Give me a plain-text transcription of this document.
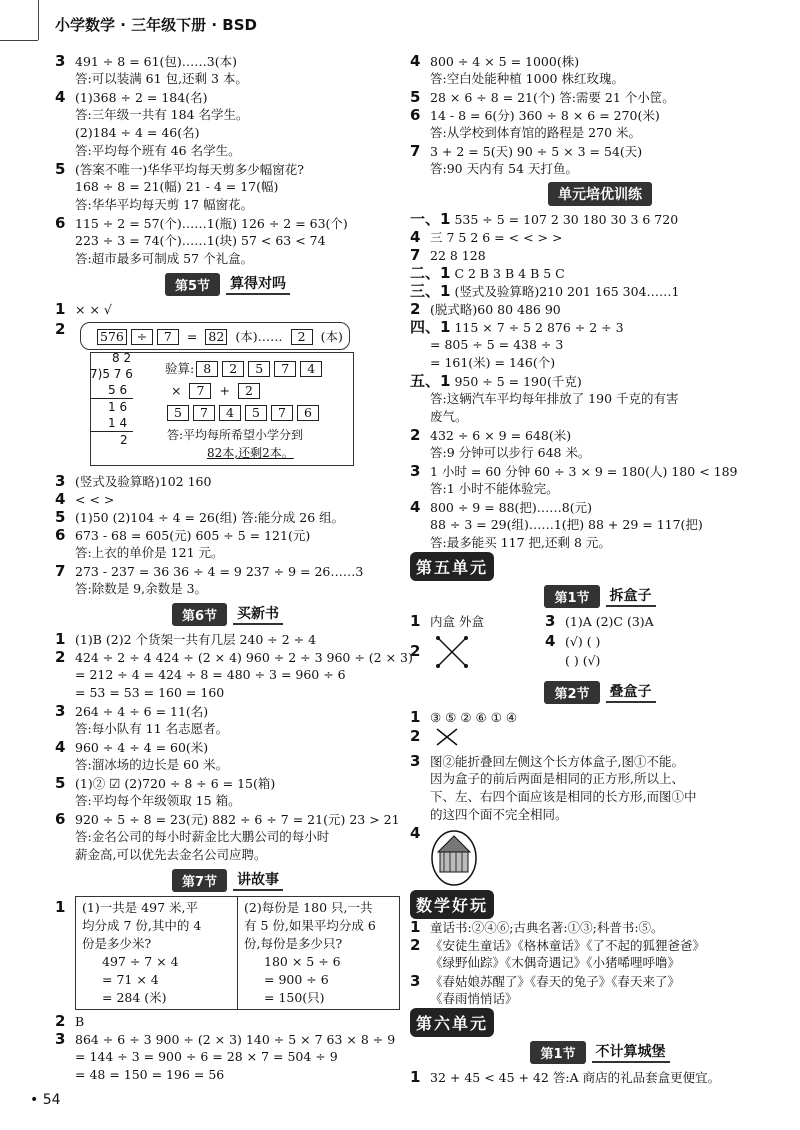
小学数学 · 三年级下册 · BSD
3 491 ÷ 8 = 61(包)……3(本)
答:可以装满 61 包,还剩 3 本。
4 (1)368 ÷ 2 = 184(名)
答:三年级一共有 184 名学生。
(2)184 ÷ 4 = 46(名)
答:平均每个班有 46 名学生。
5 (答案不唯一)华华平均每天剪多少幅窗花?
168 ÷ 8 = 21(幅) 21 - 4 = 17(幅)
答:华华平均每天剪 17 幅窗花。
6 115 ÷ 2 = 57(个)……1(瓶) 126 ÷ 2 = 63(个)
223 ÷ 3 = 74(个)……1(块) 57 < 63 < 74
答:超市最多可制成 57 个礼盒。
第5节	算得对吗
1 × × √
2	576 ÷ 7 = 82 (本)…… 2 (本)
8 2
7)5 7 6
5 6
1 6
1 4
2
验算: 8 2 5 7 4
× 7 + 2
5 7 4 5 7 6
答:平均每所希望小学分到
82本,还剩2本。
3 (竖式及验算略)102 160
4 < < >
5 (1)50 (2)104 ÷ 4 = 26(组) 答:能分成 26 组。
6 673 - 68 = 605(元) 605 ÷ 5 = 121(元)
答:上衣的单价是 121 元。
7 273 - 237 = 36 36 ÷ 4 = 9 237 ÷ 9 = 26……3
答:除数是 9,余数是 3。
第6节	买新书
1 (1)B (2)2 个货架一共有几层 240 ÷ 2 ÷ 4
2 424 ÷ 2 ÷ 4 424 ÷ (2 × 4) 960 ÷ 2 ÷ 3 960 ÷ (2 × 3)
= 212 ÷ 4 = 424 ÷ 8 = 480 ÷ 3 = 960 ÷ 6
= 53 = 53 = 160 = 160
3 264 ÷ 4 ÷ 6 = 11(名)
答:每小队有 11 名志愿者。
4 960 ÷ 4 ÷ 4 = 60(米)
答:溜冰场的边长是 60 米。
5 (1)② ☑ (2)720 ÷ 8 ÷ 6 = 15(箱)
答:平均每个年级领取 15 箱。
6 920 ÷ 5 ÷ 8 = 23(元) 882 ÷ 6 ÷ 7 = 21(元) 23 > 21
答:金名公司的每小时薪金比大鹏公司的每小时
薪金高,可以优先去金名公司应聘。
第7节	讲故事
1	(1)一共是 497 米,平
均分成 7 份,其中的 4
份是多少米?
497 ÷ 7 × 4
= 71 × 4
= 284 (米)
(2)每份是 180 只,一共
有 5 份,如果平均分成 6
份,每份是多少只?
180 × 5 ÷ 6
= 900 ÷ 6
= 150(只)
2 B
3 864 ÷ 6 ÷ 3 900 ÷ (2 × 3) 140 ÷ 5 × 7 63 × 8 ÷ 9
= 144 ÷ 3 = 900 ÷ 6 = 28 × 7 = 504 ÷ 9
= 48 = 150 = 196 = 56
4 800 ÷ 4 × 5 = 1000(株)
答:空白处能种植 1000 株红玫瑰。
5 28 × 6 ÷ 8 = 21(个) 答:需要 21 个小筐。
6 14 - 8 = 6(分) 360 ÷ 8 × 6 = 270(米)
答:从学校到体育馆的路程是 270 米。
7 3 + 2 = 5(天) 90 ÷ 5 × 3 = 54(天)
答:90 天内有 54 天打鱼。
单元培优训练
一、1 535 ÷ 5 = 107 2 30 180 30 3 6 720
4 三 7 5 2 6 = < < > >
7 22 8 128
二、1 C 2 B 3 B 4 B 5 C
三、1 (竖式及验算略)210 201 165 304……1
2 (脱式略)60 80 486 90
四、1 115 × 7 ÷ 5 2 876 ÷ 2 ÷ 3
= 805 ÷ 5 = 438 ÷ 3
= 161(米) = 146(个)
五、1 950 ÷ 5 = 190(千克)
答:这辆汽车平均每年排放了 190 千克的有害
废气。
2 432 ÷ 6 × 9 = 648(米)
答:9 分钟可以步行 648 米。
3 1 小时 = 60 分钟 60 ÷ 3 × 9 = 180(人) 180 < 189
答:1 小时不能体验完。
4 800 ÷ 9 = 88(把)……8(元)
88 ÷ 3 = 29(组)……1(把) 88 + 29 = 117(把)
答:最多能买 117 把,还剩 8 元。
第五单元
第1节	拆盒子
1 内盒 外盒
2
3 (1)A (2)C (3)A
4 (√) ( )
( ) (√)
第2节	叠盒子
1 ③ ⑤ ② ⑥ ① ④
2
3 图②能折叠回左侧这个长方体盒子,图①不能。
因为盒子的前后两面是相同的正方形,所以上、
下、左、右四个面应该是相同的长方形,而图①中
的这四个面不完全相同。
4
数学好玩
1 童话书:②④⑥;古典名著:①③;科普书:⑤。
2 《安徒生童话》《格林童话》《了不起的狐狸爸爸》
《绿野仙踪》《木偶奇遇记》《小猪唏哩呼噜》
3 《春姑娘苏醒了》《春天的兔子》《春天来了》
《春雨悄悄话》
第六单元
第1节	不计算城堡
1 32 + 45 < 45 + 42 答:A 商店的礼品套盒更便宜。
• 54
